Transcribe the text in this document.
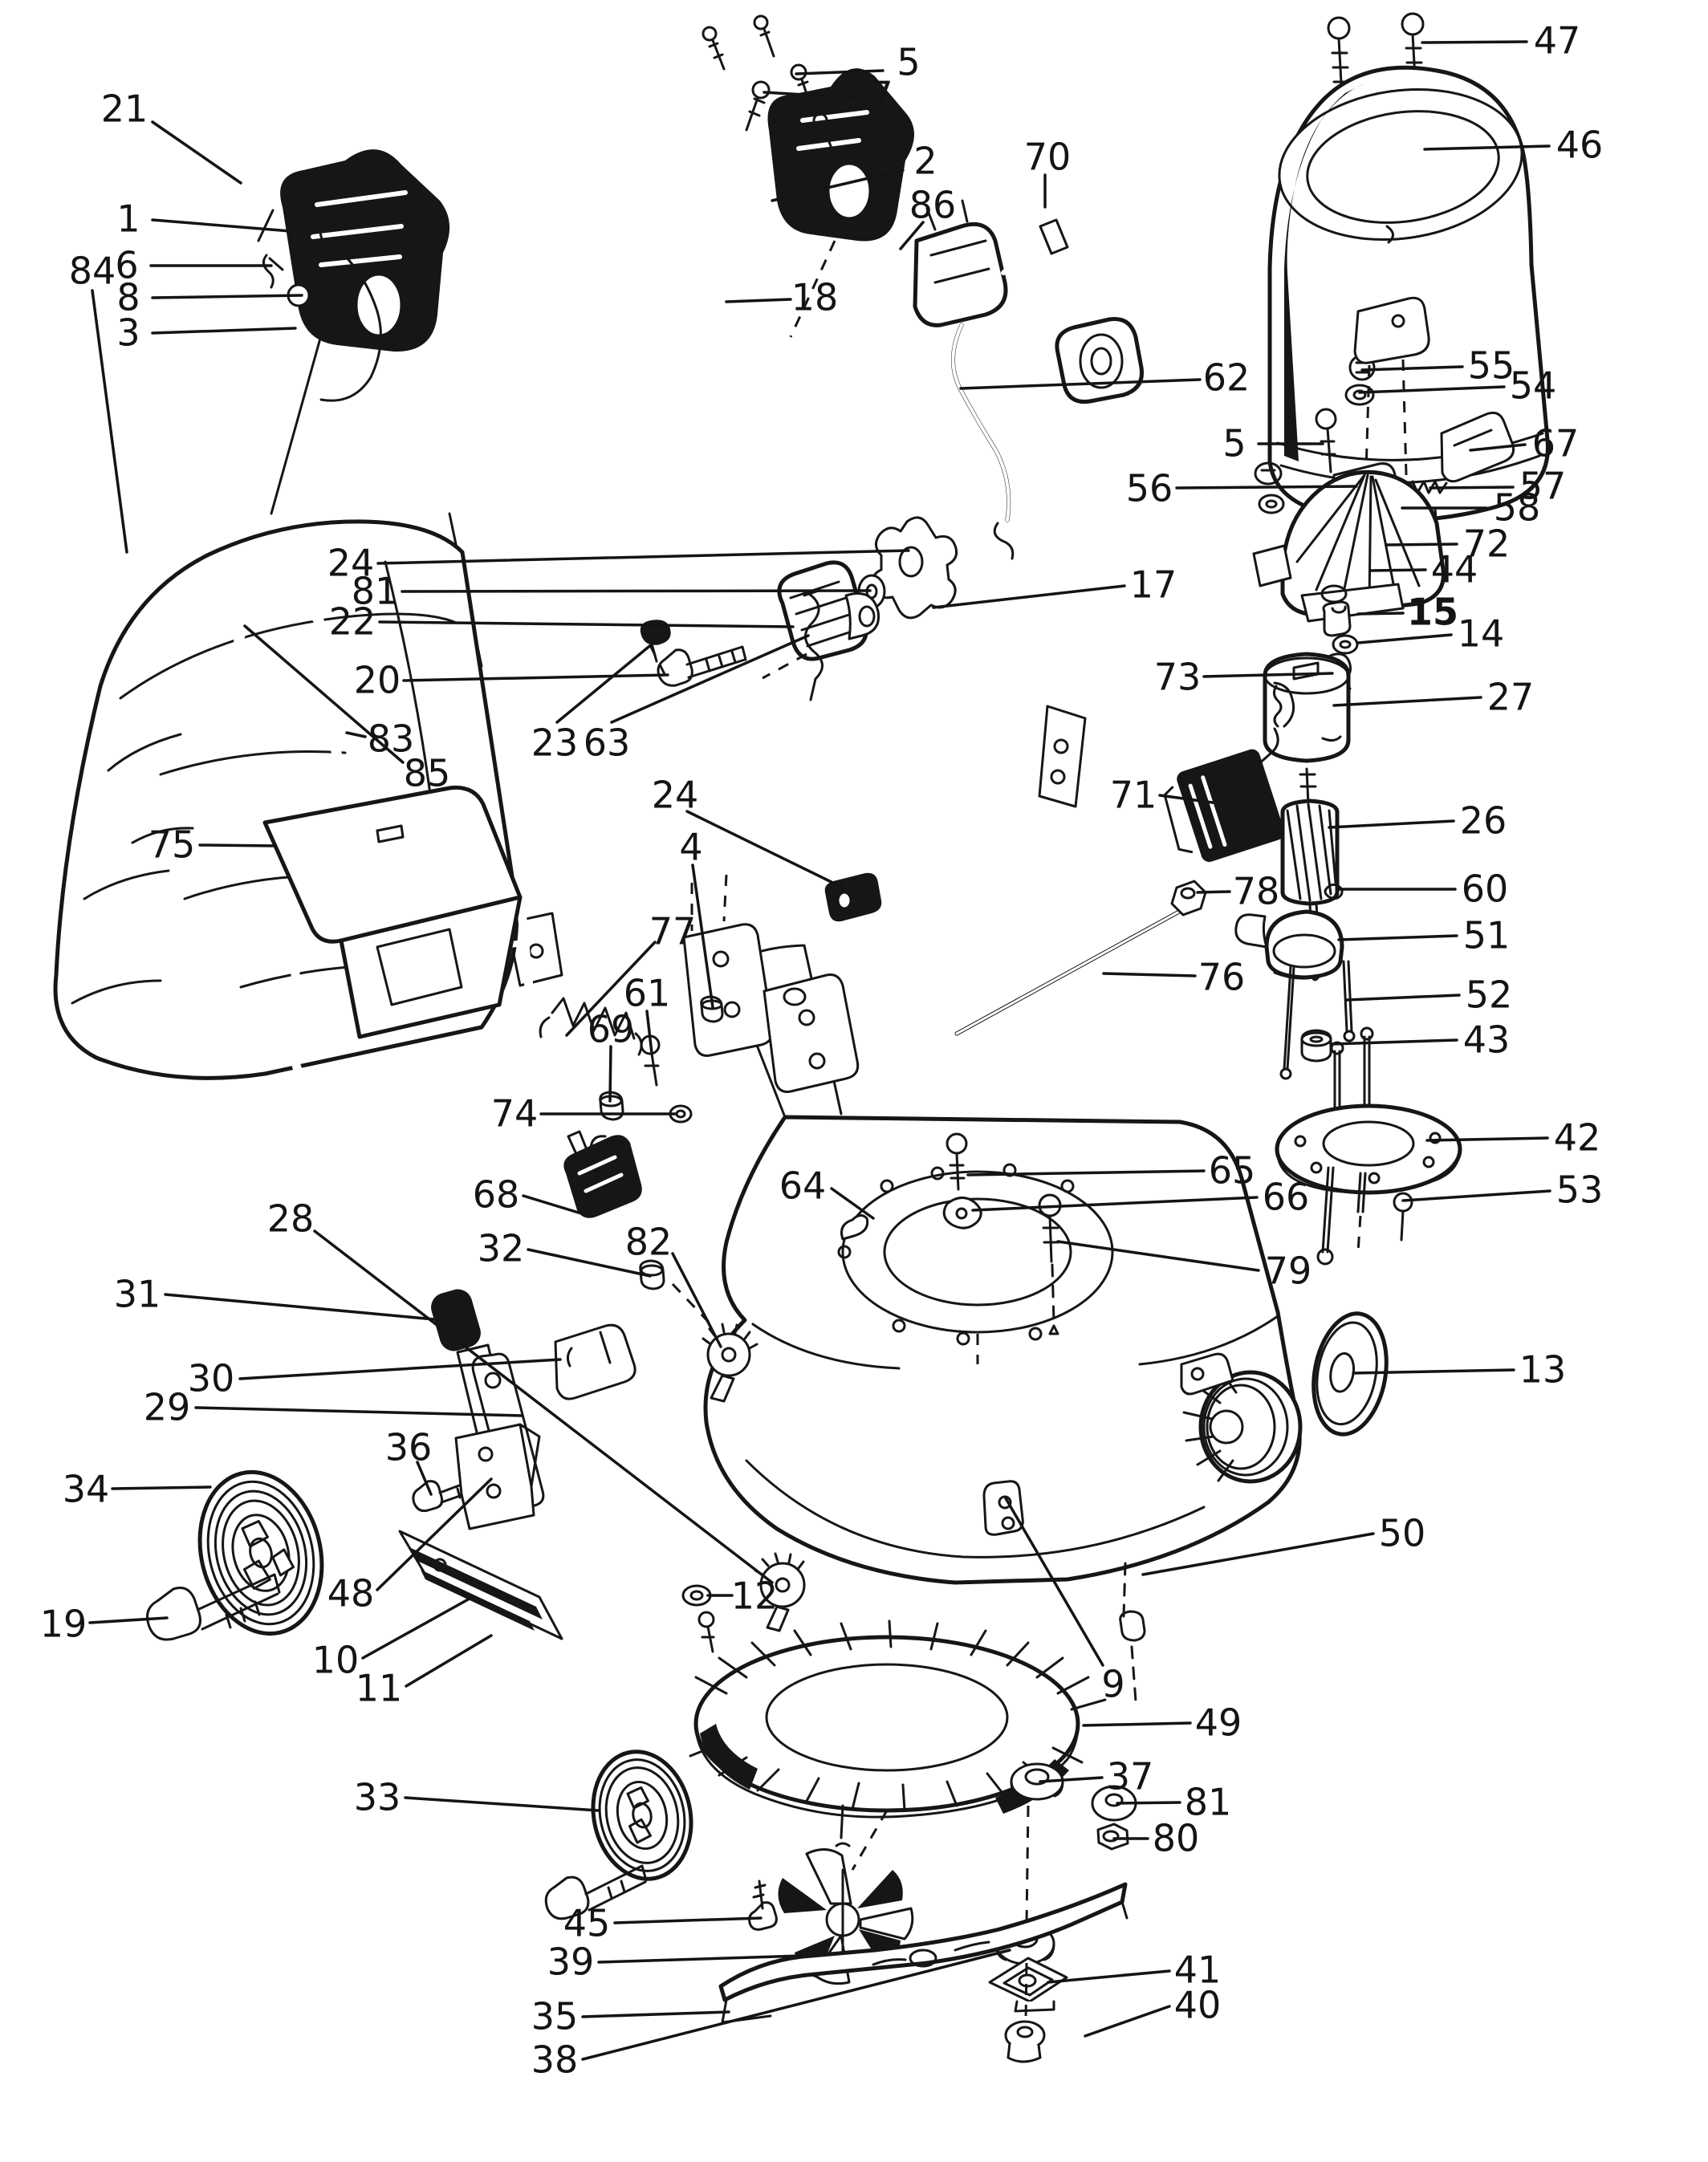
21
5
7
2 70
86
18
62
1
6
8
3
84
47
46
55
54
5	67
56	57
58
72
44
15
14
73	27
71
26
60
78
51
76	52
43
42
53
65
66
79
64
9
49
37
81
80
41
40
45
39
35
38
33
12
10
11
48
19
34
36
29
30
31
28
32	82
77
61
69
74
75
83
85
24
81
22
20
23 63
17
4
24
68
50
13
